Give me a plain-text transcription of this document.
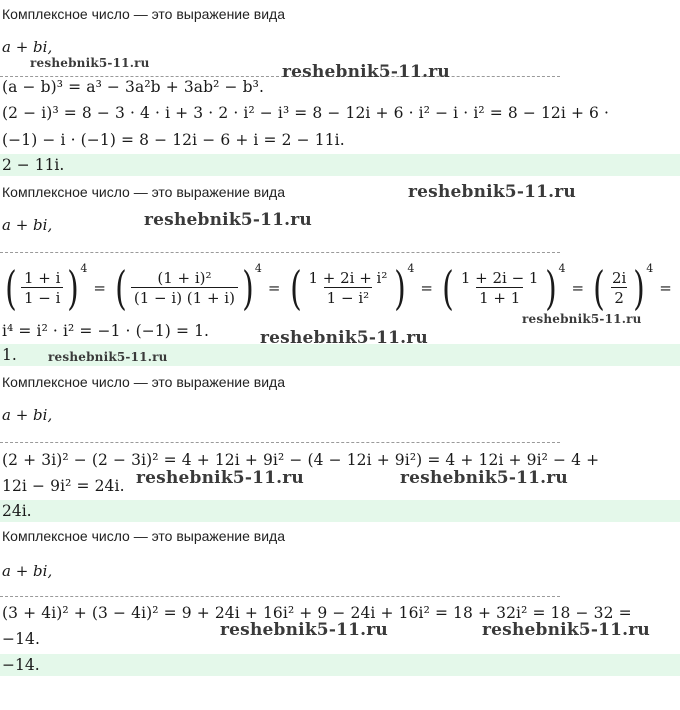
Комплексное число — это выражение вида
a + bi,
(a − b)³ = a³ − 3a²b + 3ab² − b³.
(2 − i)³ = 8 − 3 · 4 · i + 3 · 2 · i² − i³ = 8 − 12i + 6 · i² − i · i² = 8 − 12i + 6 ·
(−1) − i · (−1) = 8 − 12i − 6 + i = 2 − 11i.
2 − 11i.
reshebnik5-11.ru	reshebnik5-11.ru
Комплексное число — это выражение вида
a + bi,
reshebnik5-11.ru
reshebnik5-11.ru
( 1 + i
1 − i ) 4
= ( (1 + i)²
(1 − i) (1 + i) ) 4
= ( 1 + 2i + i²
1 − i² ) 4
= ( 1 + 2i − 1
1 + 1 ) 4
= ( 2i
2 ) 4
=
i⁴ = i² · i² = −1 · (−1) = 1.
1.
reshebnik5-11.ru
reshebnik5-11.ru
reshebnik5-11.ru
Комплексное число — это выражение вида
a + bi,
(2 + 3i)² − (2 − 3i)² = 4 + 12i + 9i² − (4 − 12i + 9i²) = 4 + 12i + 9i² − 4 +
12i − 9i² = 24i.
24i.
reshebnik5-11.ru	reshebnik5-11.ru
Комплексное число — это выражение вида
a + bi,
(3 + 4i)² + (3 − 4i)² = 9 + 24i + 16i² + 9 − 24i + 16i² = 18 + 32i² = 18 − 32 =
−14.
−14.
reshebnik5-11.ru	reshebnik5-11.ru
